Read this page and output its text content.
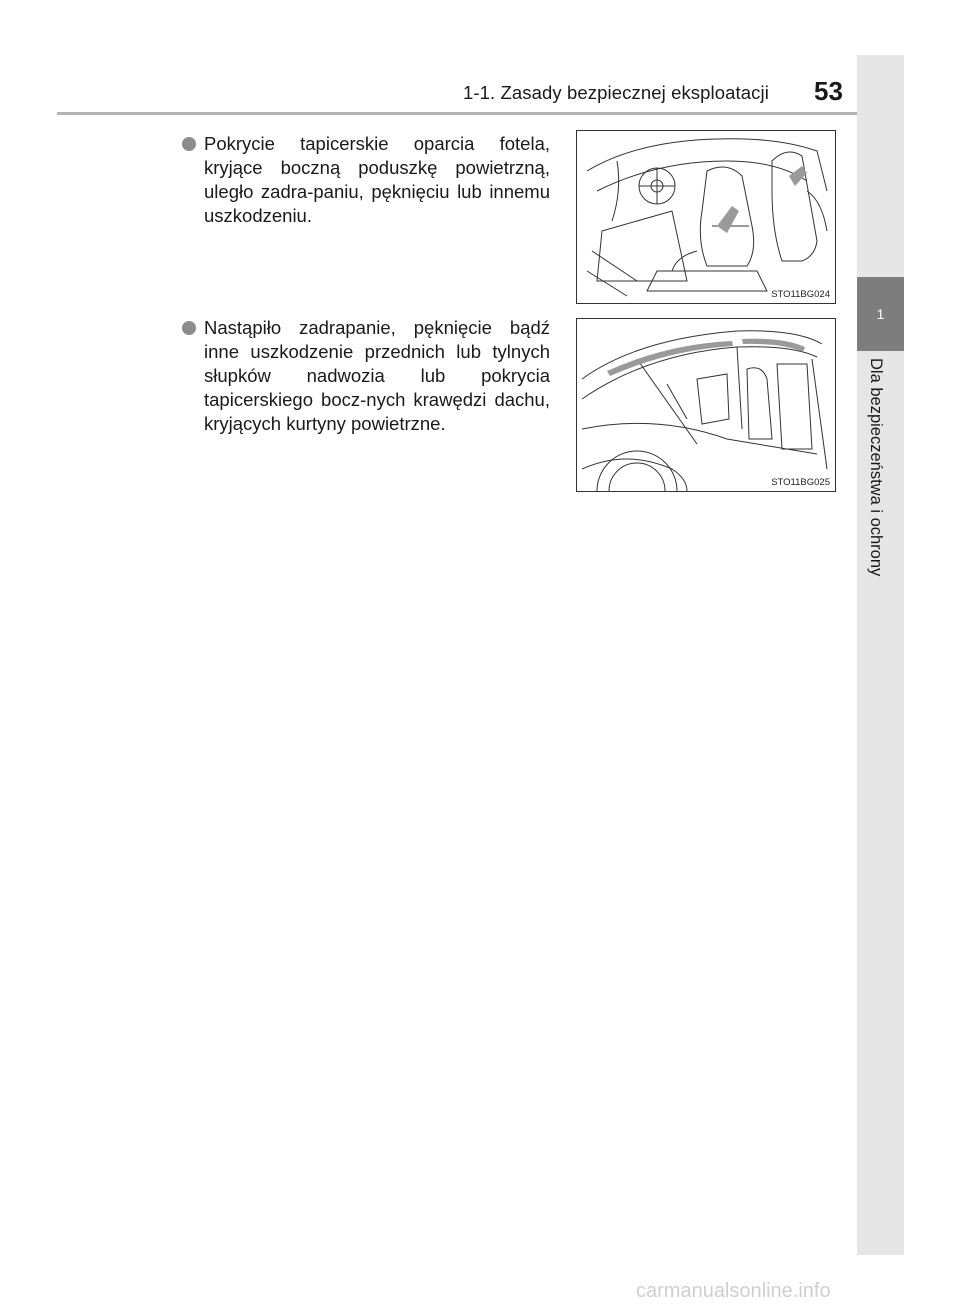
1-1. Zasady bezpiecznej eksploatacji 53
1
Dla bezpieczeństwa i ochrony
Pokrycie tapicerskie oparcia fotela, kryjące boczną poduszkę powietrzną, uległo zadra-paniu, pęknięciu lub innemu uszkodzeniu.
Nastąpiło zadrapanie, pęknięcie bądź inne uszkodzenie przednich lub tylnych słupków nadwozia lub pokrycia tapicerskiego bocz-nych krawędzi dachu, kryjących kurtyny powietrzne.
STO11BG024
STO11BG025
carmanualsonline.info
